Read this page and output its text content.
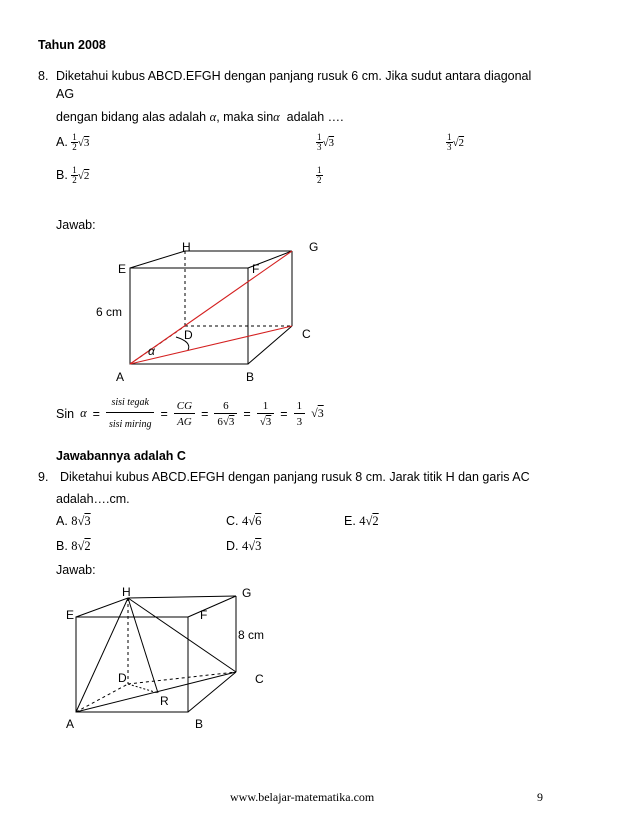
Tahun 2008
8. Diketahui kubus ABCD.EFGH dengan panjang rusuk 6 cm. Jika sudut antara diagonal
AG
dengan bidang alas adalah α, maka sinα adalah ….
A. $\frac{1}{2} √3$	$\frac{1}{3} √3$	$\frac{1}{3} √2$
B. $\frac{1}{2} √2$	$\frac{1}{2}$
Jawab:
H	G
E	F
6 cm
D	C
α
A	B
Sin $\alpha = \frac{\text{sisi tegak}}{\text{sisi miring}} = \frac{CG}{AG} = \frac{6}{6√3} = \frac{1}{√3} = \frac{1}{3} √3$
Jawabannya adalah C
9. Diketahui kubus ABCD.EFGH dengan panjang rusuk 8 cm. Jarak titik H dan garis AC
adalah….cm.
A. 8√3	C. 4√6	E. 4√2
B. 8√2	D. 4√3
Jawab:
H	G
E	F
8 cm
D	C
R
A	B
www.belajar-matematika.com	9
